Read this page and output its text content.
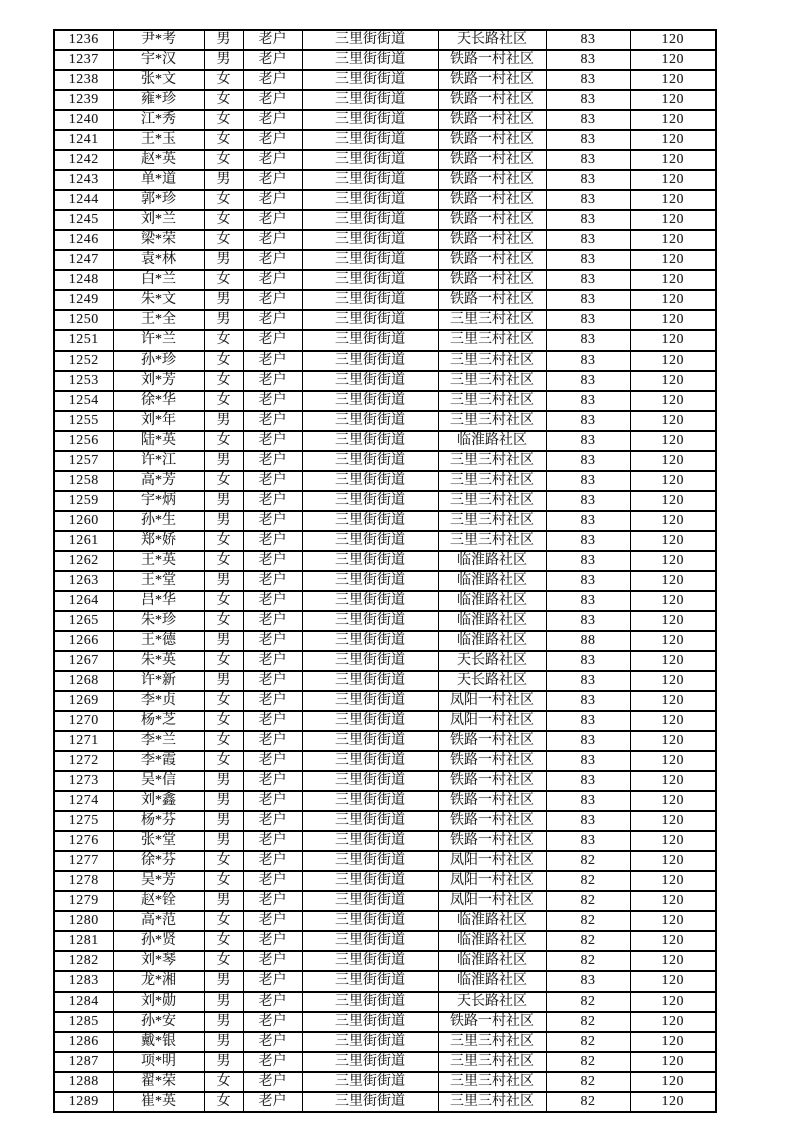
1236	尹*考	男	老户	三里街街道	天长路社区	83	120
1237	宇*汉	男	老户	三里街街道	铁路一村社区	83	120
1238	张*文	女	老户	三里街街道	铁路一村社区	83	120
1239	雍*珍	女	老户	三里街街道	铁路一村社区	83	120
1240	江*秀	女	老户	三里街街道	铁路一村社区	83	120
1241	王*玉	女	老户	三里街街道	铁路一村社区	83	120
1242	赵*英	女	老户	三里街街道	铁路一村社区	83	120
1243	单*道	男	老户	三里街街道	铁路一村社区	83	120
1244	郭*珍	女	老户	三里街街道	铁路一村社区	83	120
1245	刘*兰	女	老户	三里街街道	铁路一村社区	83	120
1246	梁*荣	女	老户	三里街街道	铁路一村社区	83	120
1247	袁*林	男	老户	三里街街道	铁路一村社区	83	120
1248	白*兰	女	老户	三里街街道	铁路一村社区	83	120
1249	朱*文	男	老户	三里街街道	铁路一村社区	83	120
1250	王*全	男	老户	三里街街道	三里三村社区	83	120
1251	许*兰	女	老户	三里街街道	三里三村社区	83	120
1252	孙*珍	女	老户	三里街街道	三里三村社区	83	120
1253	刘*芳	女	老户	三里街街道	三里三村社区	83	120
1254	徐*华	女	老户	三里街街道	三里三村社区	83	120
1255	刘*年	男	老户	三里街街道	三里三村社区	83	120
1256	陆*英	女	老户	三里街街道	临淮路社区	83	120
1257	许*江	男	老户	三里街街道	三里三村社区	83	120
1258	高*芳	女	老户	三里街街道	三里三村社区	83	120
1259	宇*炳	男	老户	三里街街道	三里三村社区	83	120
1260	孙*生	男	老户	三里街街道	三里三村社区	83	120
1261	郑*娇	女	老户	三里街街道	三里三村社区	83	120
1262	王*英	女	老户	三里街街道	临淮路社区	83	120
1263	王*堂	男	老户	三里街街道	临淮路社区	83	120
1264	吕*华	女	老户	三里街街道	临淮路社区	83	120
1265	朱*珍	女	老户	三里街街道	临淮路社区	83	120
1266	王*德	男	老户	三里街街道	临淮路社区	88	120
1267	朱*英	女	老户	三里街街道	天长路社区	83	120
1268	许*新	男	老户	三里街街道	天长路社区	83	120
1269	李*贞	女	老户	三里街街道	凤阳一村社区	83	120
1270	杨*芝	女	老户	三里街街道	凤阳一村社区	83	120
1271	李*兰	女	老户	三里街街道	铁路一村社区	83	120
1272	李*霞	女	老户	三里街街道	铁路一村社区	83	120
1273	吴*信	男	老户	三里街街道	铁路一村社区	83	120
1274	刘*鑫	男	老户	三里街街道	铁路一村社区	83	120
1275	杨*芬	男	老户	三里街街道	铁路一村社区	83	120
1276	张*堂	男	老户	三里街街道	铁路一村社区	83	120
1277	徐*芬	女	老户	三里街街道	凤阳一村社区	82	120
1278	吴*芳	女	老户	三里街街道	凤阳一村社区	82	120
1279	赵*铨	男	老户	三里街街道	凤阳一村社区	82	120
1280	高*范	女	老户	三里街街道	临淮路社区	82	120
1281	孙*贤	女	老户	三里街街道	临淮路社区	82	120
1282	刘*琴	女	老户	三里街街道	临淮路社区	82	120
1283	龙*湘	男	老户	三里街街道	临淮路社区	83	120
1284	刘*勋	男	老户	三里街街道	天长路社区	82	120
1285	孙*安	男	老户	三里街街道	铁路一村社区	82	120
1286	戴*银	男	老户	三里街街道	三里三村社区	82	120
1287	项*明	男	老户	三里街街道	三里三村社区	82	120
1288	翟*荣	女	老户	三里街街道	三里三村社区	82	120
1289	崔*英	女	老户	三里街街道	三里三村社区	82	120
